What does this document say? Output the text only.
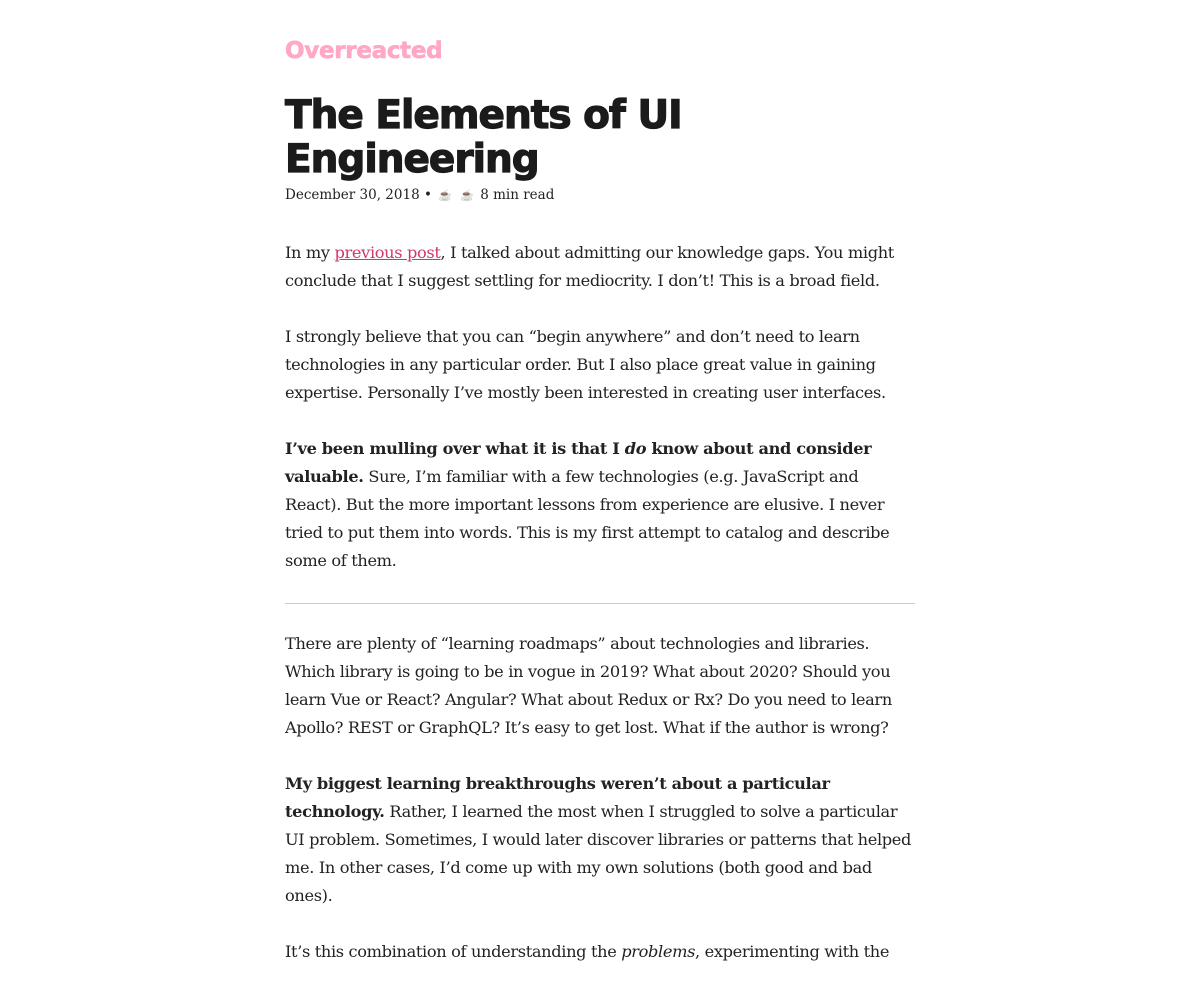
Overreacted
The Elements of UI Engineering
December 30, 2018 • ☕ ☕ 8 min read

In my previous post, I talked about admitting our knowledge gaps. You might conclude that I suggest settling for mediocrity. I don’t! This is a broad field.

I strongly believe that you can “begin anywhere” and don’t need to learn technologies in any particular order. But I also place great value in gaining expertise. Personally I’ve mostly been interested in creating user interfaces.

I’ve been mulling over what it is that I do know about and consider valuable. Sure, I’m familiar with a few technologies (e.g. JavaScript and React). But the more important lessons from experience are elusive. I never tried to put them into words. This is my first attempt to catalog and describe some of them.

There are plenty of “learning roadmaps” about technologies and libraries. Which library is going to be in vogue in 2019? What about 2020? Should you learn Vue or React? Angular? What about Redux or Rx? Do you need to learn Apollo? REST or GraphQL? It’s easy to get lost. What if the author is wrong?

My biggest learning breakthroughs weren’t about a particular technology. Rather, I learned the most when I struggled to solve a particular UI problem. Sometimes, I would later discover libraries or patterns that helped me. In other cases, I’d come up with my own solutions (both good and bad ones).

It’s this combination of understanding the problems, experimenting with the
